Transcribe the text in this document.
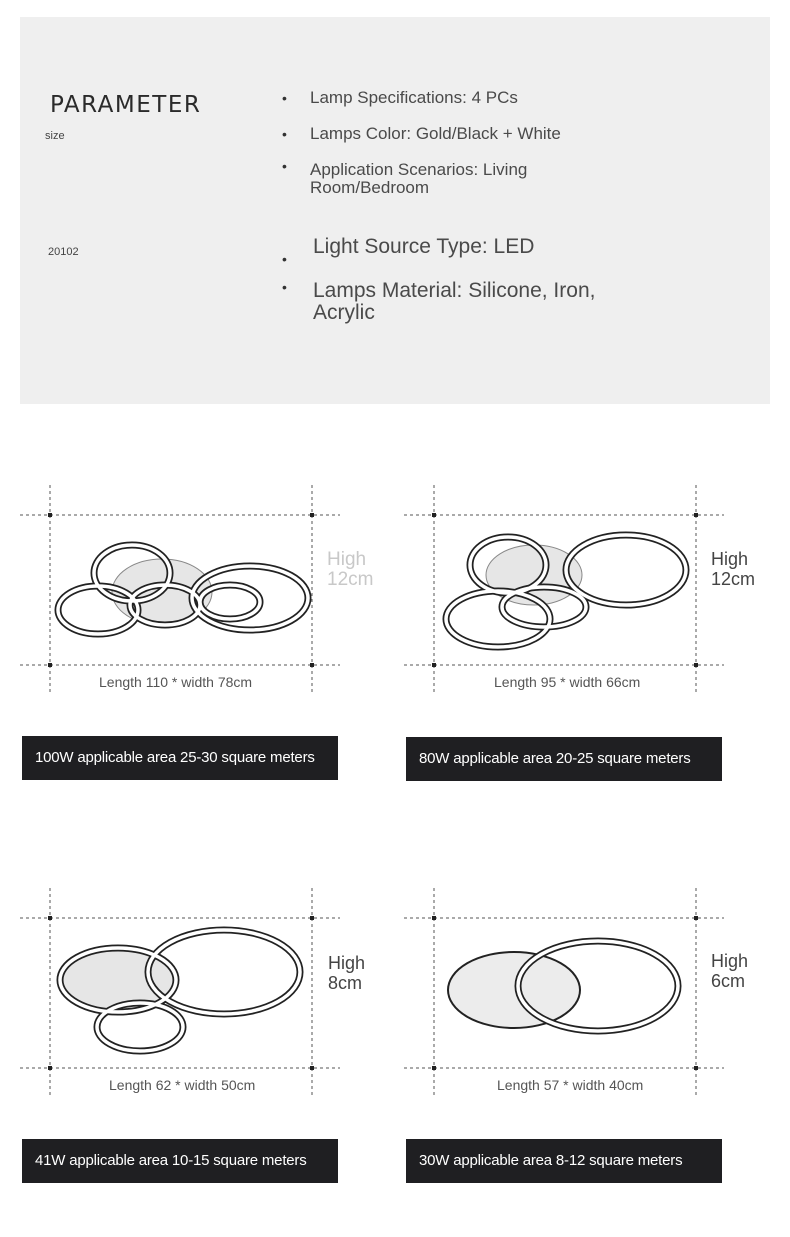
PARAMETER
size
20102
• Lamp Specifications: 4 PCs
• Lamps Color: Gold/Black + White
• Application Scenarios: Living Room/Bedroom
•
Light Source Type: LED
• Lamps Material: Silicone, Iron, Acrylic
Length 110 * width 78cm
High 12cm
100W applicable area 25-30 square meters
Length 95 * width 66cm
High 12cm
80W applicable area 20-25 square meters
Length 62 * width 50cm
High 8cm
41W applicable area 10-15 square meters
Length 57 * width 40cm
High 6cm
30W applicable area 8-12 square meters
